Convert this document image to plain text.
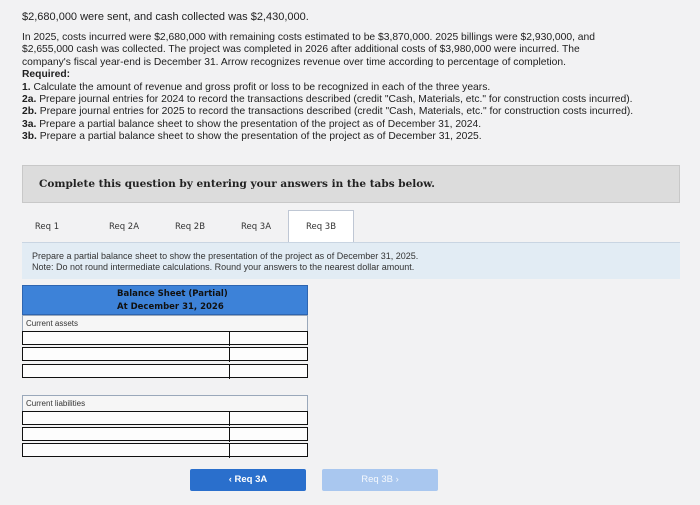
$2,680,000 were sent, and cash collected was $2,430,000.

In 2025, costs incurred were $2,680,000 with remaining costs estimated to be $3,870,000. 2025 billings were $2,930,000, and

$2,655,000 cash was collected. The project was completed in 2026 after additional costs of $3,980,000 were incurred. The

company's fiscal year-end is December 31. Arrow recognizes revenue over time according to percentage of completion.

Required:

1. Calculate the amount of revenue and gross profit or loss to be recognized in each of the three years.
2a. Prepare journal entries for 2024 to record the transactions described (credit "Cash, Materials, etc." for construction costs incurred).
2b. Prepare journal entries for 2025 to record the transactions described (credit "Cash, Materials, etc." for construction costs incurred).
3a. Prepare a partial balance sheet to show the presentation of the project as of December 31, 2024.
3b. Prepare a partial balance sheet to show the presentation of the project as of December 31, 2025.
Complete this question by entering your answers in the tabs below.
Req 1	Req 2A	Req 2B	Req 3A	Req 3B
Prepare a partial balance sheet to show the presentation of the project as of December 31, 2025.
Note: Do not round intermediate calculations. Round your answers to the nearest dollar amount.
Balance Sheet (Partial)
At December 31, 2026
Current assets
Current liabilities
‹ Req 3A	Req 3B ›
